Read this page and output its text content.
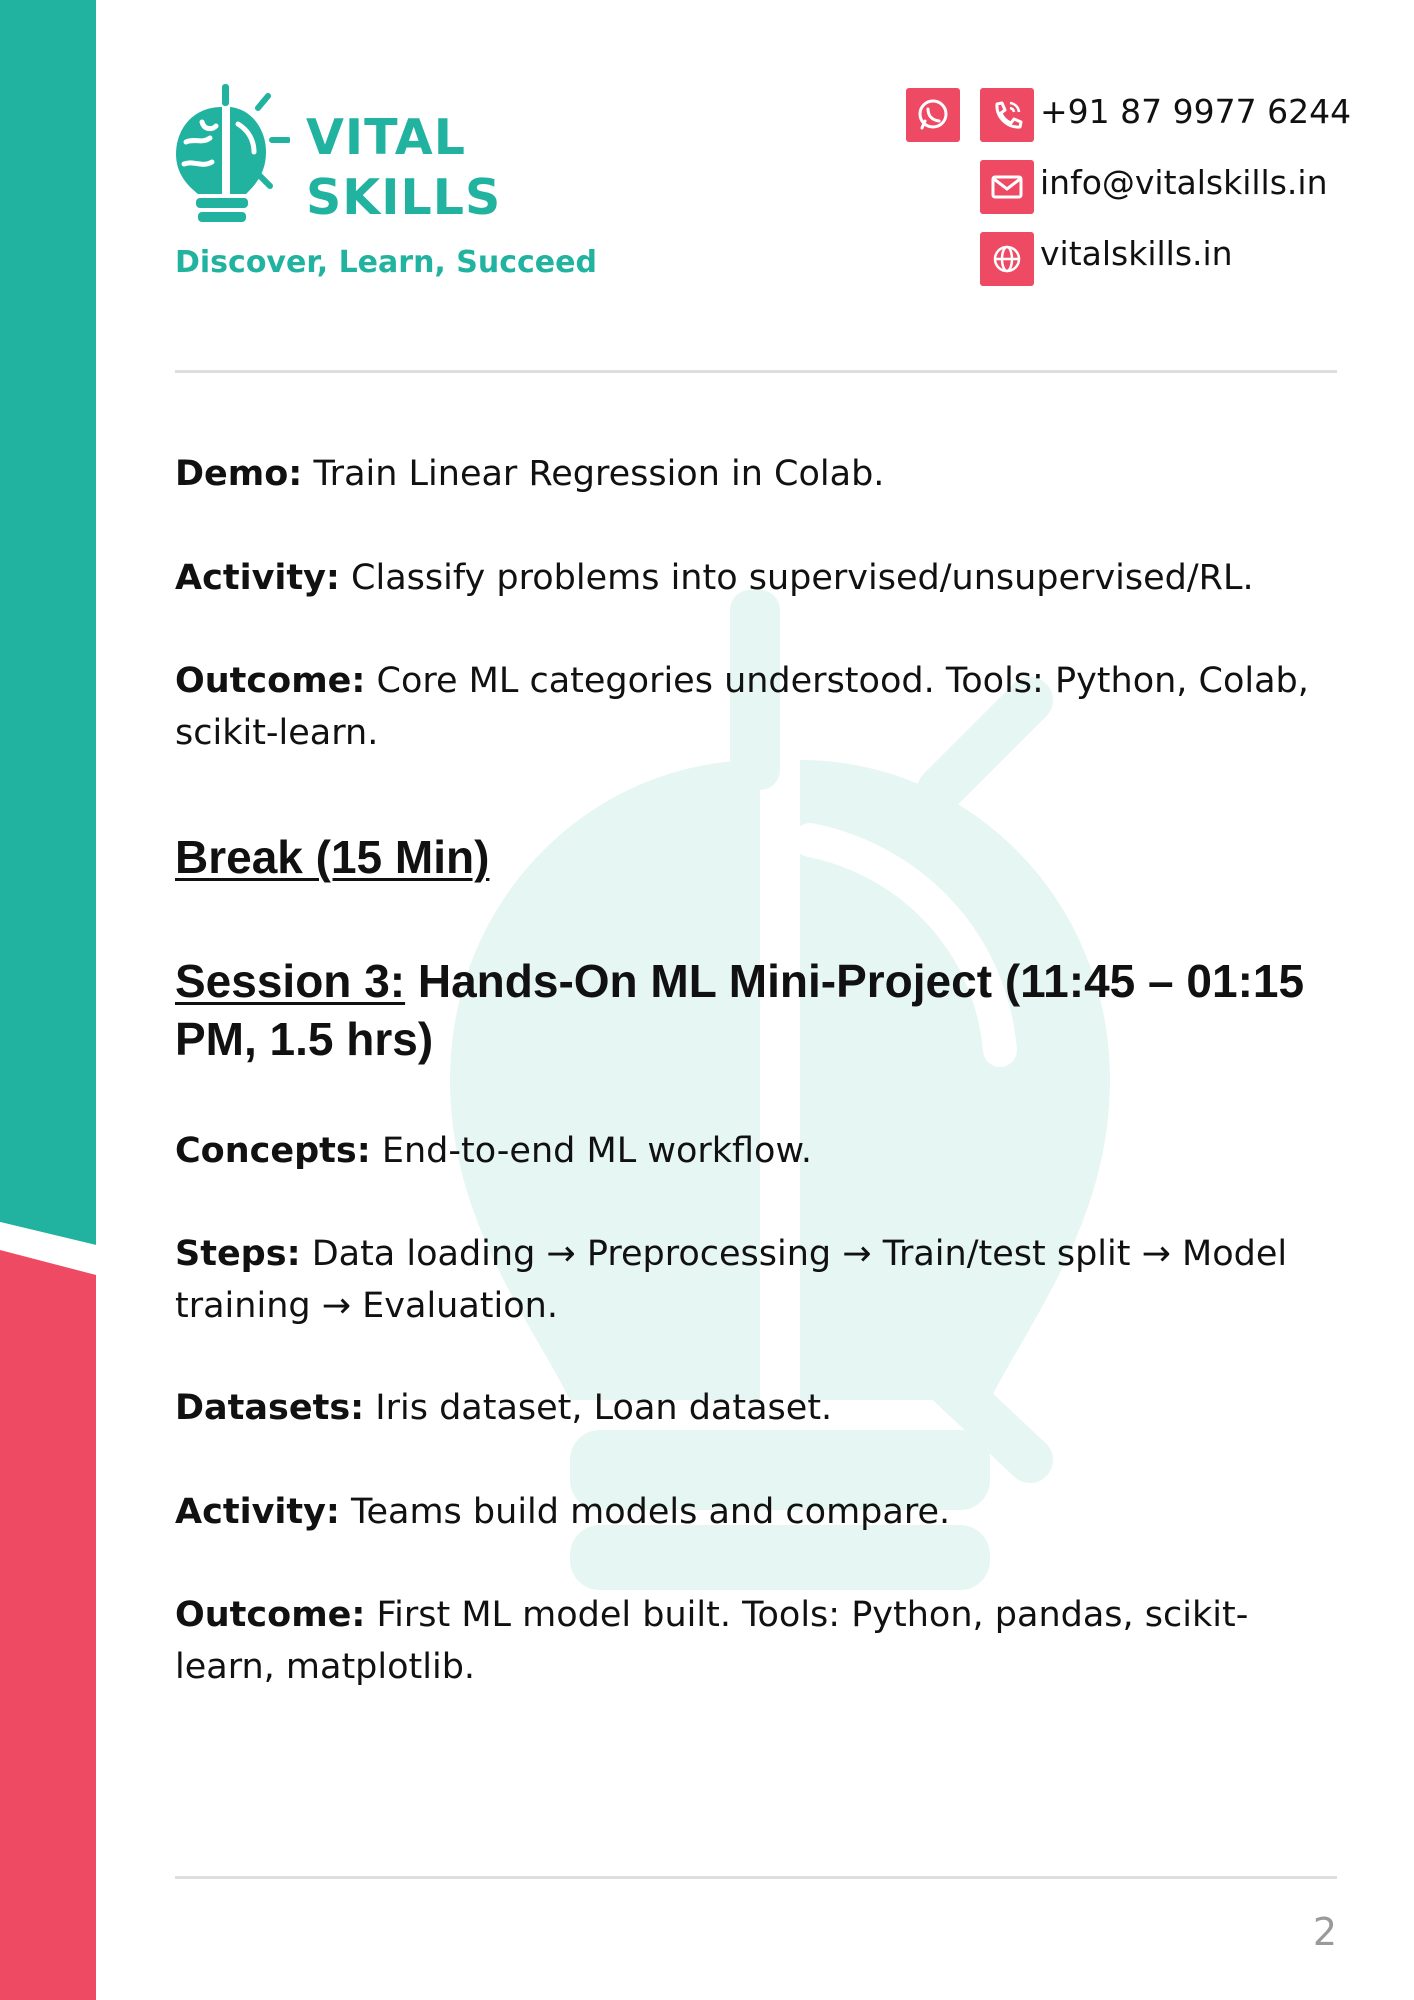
VITAL
SKILLS
Discover, Learn, Succeed
+91 87 9977 6244
info@vitalskills.in
vitalskills.in

Demo: Train Linear Regression in Colab.

Activity: Classify problems into supervised/unsupervised/RL.

Outcome: Core ML categories understood. Tools: Python, Colab, scikit-learn.

Break (15 Min)
Session 3: Hands-On ML Mini-Project (11:45 – 01:15 PM, 1.5 hrs)

Concepts: End-to-end ML workflow.

Steps: Data loading → Preprocessing → Train/test split → Model training → Evaluation.

Datasets: Iris dataset, Loan dataset.

Activity: Teams build models and compare.

Outcome: First ML model built. Tools: Python, pandas, scikit-learn, matplotlib.

2
